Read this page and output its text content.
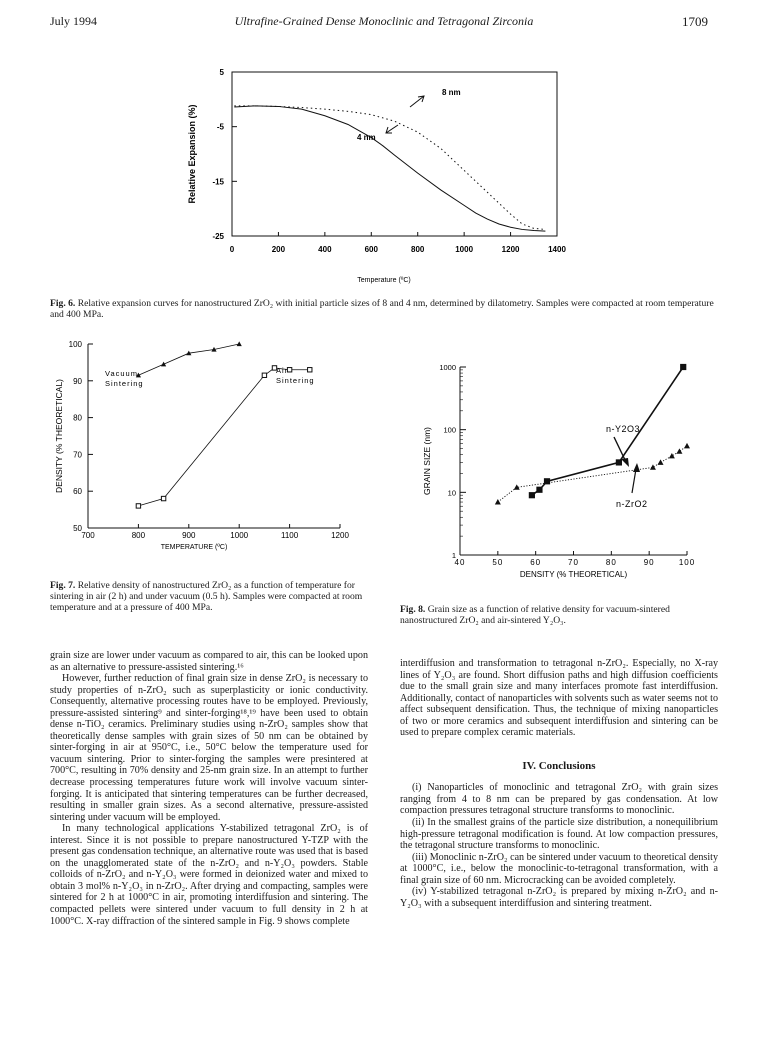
July 1994	Ultrafine-Grained Dense Monoclinic and Tetragonal Zirconia	1709
5
-5
-15
-25
0	200	400	600	800	1000	1200	1400
Temperature (ºC)
Relative Expansion (%)
8 nm
4 nm
Fig. 6. Relative expansion curves for nanostructured ZrO₂ with initial particle sizes of 8 and 4 nm, determined by dilatometry. Samples were compacted at room temperature and 400 MPa.
50
60
70
80
90
100
700	800	900	1000	1100	1200
TEMPERATURE (ºC)
DENSITY (% THEORETICAL)
Vacuum
Sintering
Air
Sintering
Fig. 7. Relative density of nanostructured ZrO₂ as a function of temperature for sintering in air (2 h) and under vacuum (0.5 h). Samples were compacted at room temperature and at a pressure of 400 MPa.
1
10
100
1000
40	50	60	70	80	90	100
DENSITY (% THEORETICAL)
GRAIN SIZE (nm)	n-Y2O3
n-ZrO2
Fig. 8. Grain size as a function of relative density for vacuum-sintered nanostructured ZrO₂ and air-sintered Y₂O₃.

grain size are lower under vacuum as compared to air, this can be looked upon as an alternative to pressure-assisted sintering.¹⁶

However, further reduction of final grain size in dense ZrO₂ is necessary to study properties of n-ZrO₂ such as superplasticity or ionic conductivity. Consequently, alternative processing routes have to be employed. Previously, pressure-assisted sintering⁹ and sinter-forging¹⁸,¹⁹ have been used to obtain dense n-TiO₂ ceramics. Preliminary studies using n-ZrO₂ samples show that theoretically dense samples with grain sizes of 50 nm can be obtained by sinter-forging in air at 950°C, i.e., 50°C below the temperature used for vacuum sintering. Prior to sinter-forging the samples were presintered at 700°C, resulting in 70% density and 25-nm grain size. In an attempt to further decrease processing temperatures future work will involve vacuum sinter-forging. It is anticipated that sintering temperatures can be further decreased, resulting in smaller grain sizes. As a second alternative, pressure-assisted sintering under vacuum will be employed.

In many technological applications Y-stabilized tetragonal ZrO₂ is of interest. Since it is not possible to prepare nanostructured Y-TZP with the present gas condensation technique, an alternative route was used that is based on the unagglomerated state of the n-ZrO₂ and n-Y₂O₃ powders. Stable colloids of n-ZrO₂ and n-Y₂O₃ were formed in deionized water and mixed to obtain 3 mol% n-Y₂O₃ in n-ZrO₂. After drying and compacting, samples were sintered for 2 h at 1000°C in air, promoting interdiffusion and sintering. The compacted pellets were sintered under vacuum to full density in 2 h at 1000°C. X-ray diffraction of the sintered sample in Fig. 9 shows complete

interdiffusion and transformation to tetragonal n-ZrO₂. Especially, no X-ray lines of Y₂O₃ are found. Short diffusion paths and high diffusion coefficients due to the small grain size and many interfaces promote fast interdiffusion. Additionally, contact of nanoparticles with solvents such as water seems not to affect subsequent densification. Thus, the technique of mixing nanoparticles of two or more ceramics and subsequent interdiffusion and sintering can be used to prepare complex ceramic materials.

IV. Conclusions

(i) Nanoparticles of monoclinic and tetragonal ZrO₂ with grain sizes ranging from 4 to 8 nm can be prepared by gas condensation. At low compaction pressures tetragonal structure transforms to monoclinic.

(ii) In the smallest grains of the particle size distribution, a nonequilibrium high-pressure tetragonal modification is found. At low compaction pressures, the tetragonal structure transforms to monoclinic.

(iii) Monoclinic n-ZrO₂ can be sintered under vacuum to theoretical density at 1000°C, i.e., below the monoclinic-to-tetragonal transformation, with a final grain size of 60 nm. Microcracking can be avoided completely.

(iv) Y-stabilized tetragonal n-ZrO₂ is prepared by mixing n-ZrO₂ and n-Y₂O₃ with a subsequent interdiffusion and sintering treatment.
